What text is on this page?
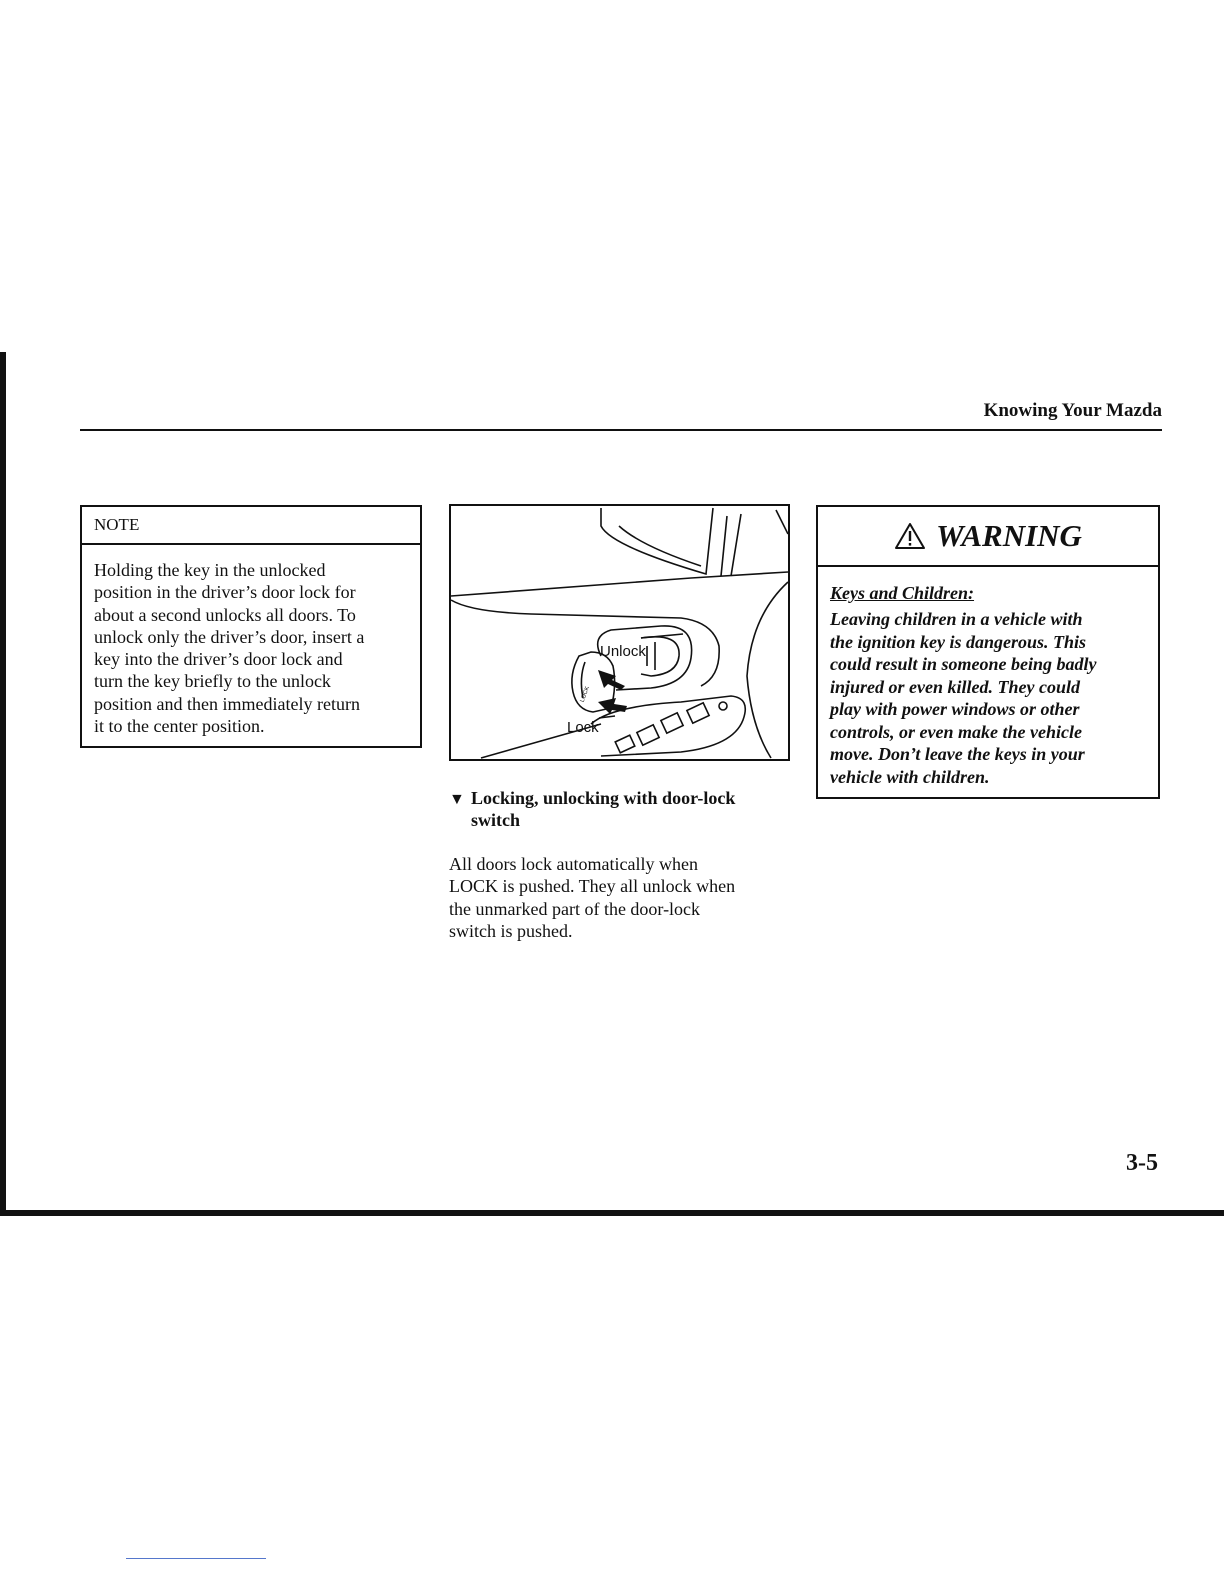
Knowing Your Mazda
NOTE
Holding the key in the unlocked
position in the driver’s door lock for
about a second unlocks all doors. To
unlock only the driver’s door, insert a
key into the driver’s door lock and
turn the key briefly to the unlock
position and then immediately return
it to the center position.
Unlock
Lock
LOCK
▼ Locking, unlocking with door-lock
switch
All doors lock automatically when
LOCK is pushed. They all unlock when
the unmarked part of the door-lock
switch is pushed.
WARNING
Keys and Children:
Leaving children in a vehicle with
the ignition key is dangerous. This
could result in someone being badly
injured or even killed. They could
play with power windows or other
controls, or even make the vehicle
move. Don’t leave the keys in your
vehicle with children.
3-5
